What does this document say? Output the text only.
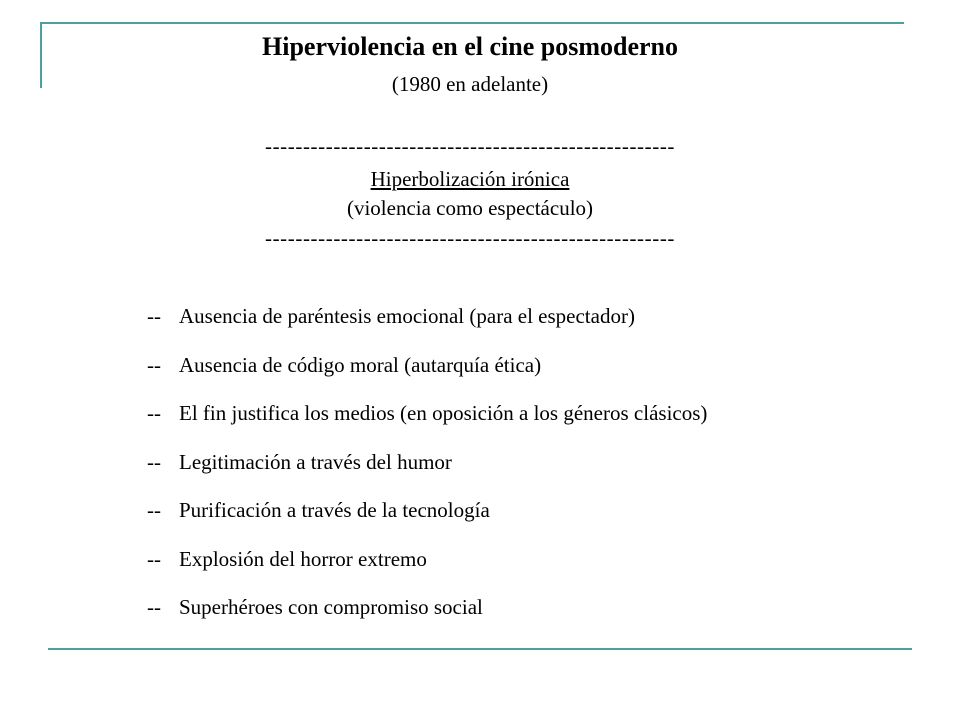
Hiperviolencia en el cine posmoderno
(1980 en adelante)
------------------------------------------------------
Hiperbolización irónica
(violencia como espectáculo)
------------------------------------------------------
-- Ausencia de paréntesis emocional (para el espectador)
-- Ausencia de código moral (autarquía ética)
-- El fin justifica los medios (en oposición a los géneros clásicos)
-- Legitimación a través del humor
-- Purificación a través de la tecnología
-- Explosión del horror extremo
-- Superhéroes con compromiso social
